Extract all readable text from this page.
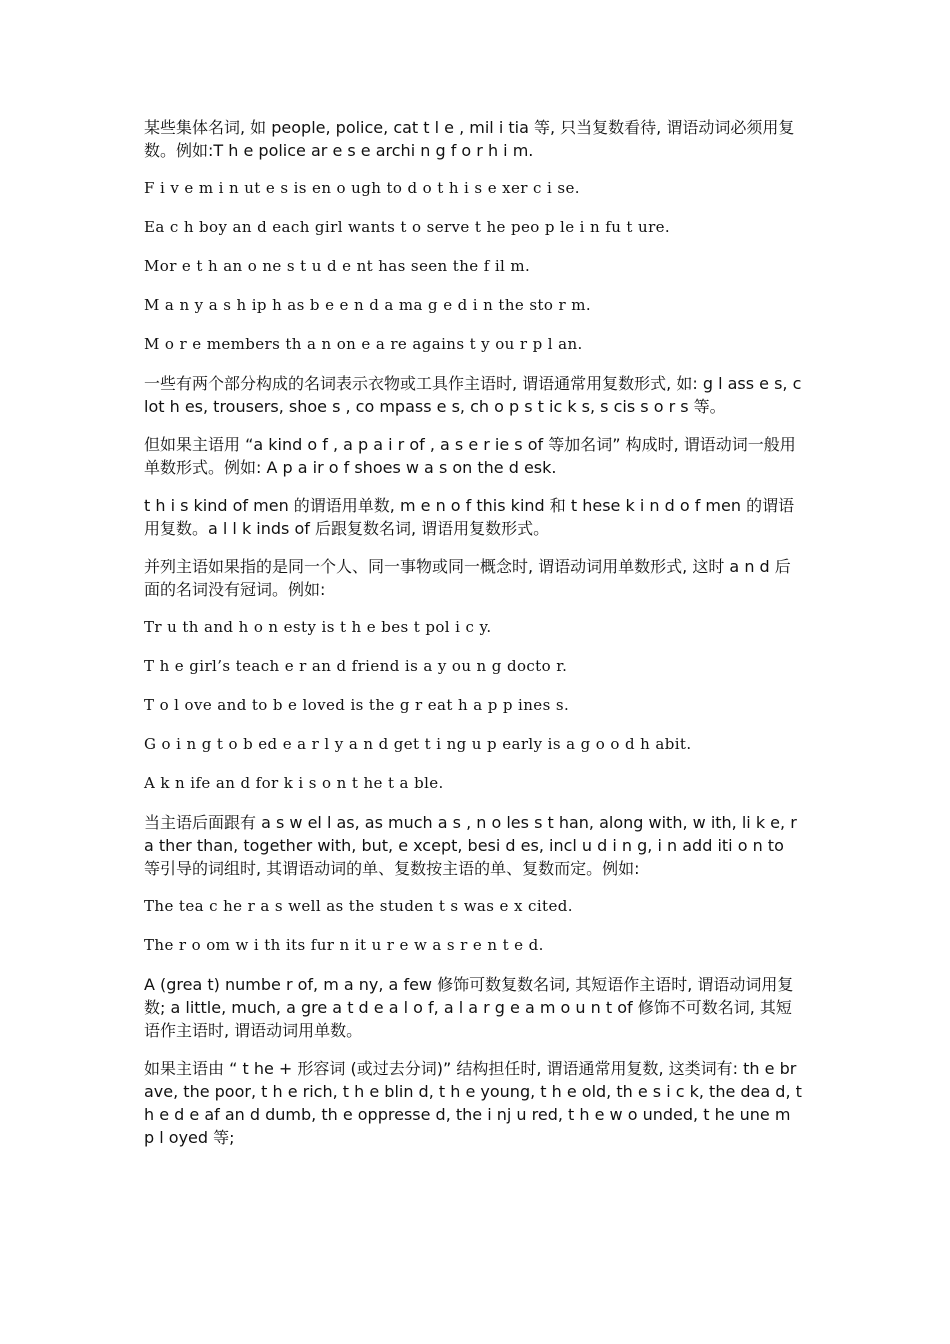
某些集体名词, 如 people, police, cat t l e , mil i tia 等, 只当复数看待, 谓语动词必须用复数。例如:T h e police ar e s e archi n g f o r h i m.

F i v e m i n ut e s is en o ugh to d o t h i s e xer c i se.

Ea c h boy an d each girl wants t o serve t he peo p le i n fu t ure.

Mor e t h an o ne s t u d e nt has seen the f il m.

M a n y a s h ip h as b e e n d a ma g e d i n the sto r m.

M o r e members th a n on e a re agains t y ou r p l an.

一些有两个部分构成的名词表示衣物或工具作主语时, 谓语通常用复数形式, 如: g l ass e s, clot h es, trousers, shoe s , co mpass e s, ch o p s t ic k s, s cis s o r s 等。

但如果主语用 “a kind o f , a p a i r of , a s e r ie s of 等加名词” 构成时, 谓语动词一般用单数形式。例如: A p a ir o f shoes w a s on the d esk.

t h i s kind of men 的谓语用单数, m e n o f this kind 和 t hese k i n d o f men 的谓语用复数。a l l k inds of 后跟复数名词, 谓语用复数形式。

并列主语如果指的是同一个人、同一事物或同一概念时, 谓语动词用单数形式, 这时 a n d 后面的名词没有冠词。例如:

Tr u th and h o n esty is t h e bes t pol i c y.

T h e girl’s teach e r an d friend is a y ou n g docto r.

T o l ove and to b e loved is the g r eat h a p p ines s.

G o i n g t o b ed e a r l y a n d get t i ng u p early is a g o o d h abit.

A k n ife an d for k i s o n t he t a ble.

当主语后面跟有 a s w el l as, as much a s , n o les s t han, along with, w ith, li k e, r a ther than, together with, but, e xcept, besi d es, incl u d i n g, i n add iti o n to 等引导的词组时, 其谓语动词的单、复数按主语的单、复数而定。例如:

The tea c he r a s well as the studen t s was e x cited.

The r o om w i th its fur n it u r e w a s r e n t e d.

A (grea t) numbe r of, m a ny, a few 修饰可数复数名词, 其短语作主语时, 谓语动词用复数; a little, much, a gre a t d e a l o f, a l a r g e a m o u n t of 修饰不可数名词, 其短语作主语时, 谓语动词用单数。

如果主语由 “ t he + 形容词 (或过去分词)” 结构担任时, 谓语通常用复数, 这类词有: th e brave, the poor, t h e rich, t h e blin d, t h e young, t h e old, th e s i c k, the dea d, th e d e af an d dumb, th e oppresse d, the i nj u red, t h e w o unded, t he une m p l oyed 等;
